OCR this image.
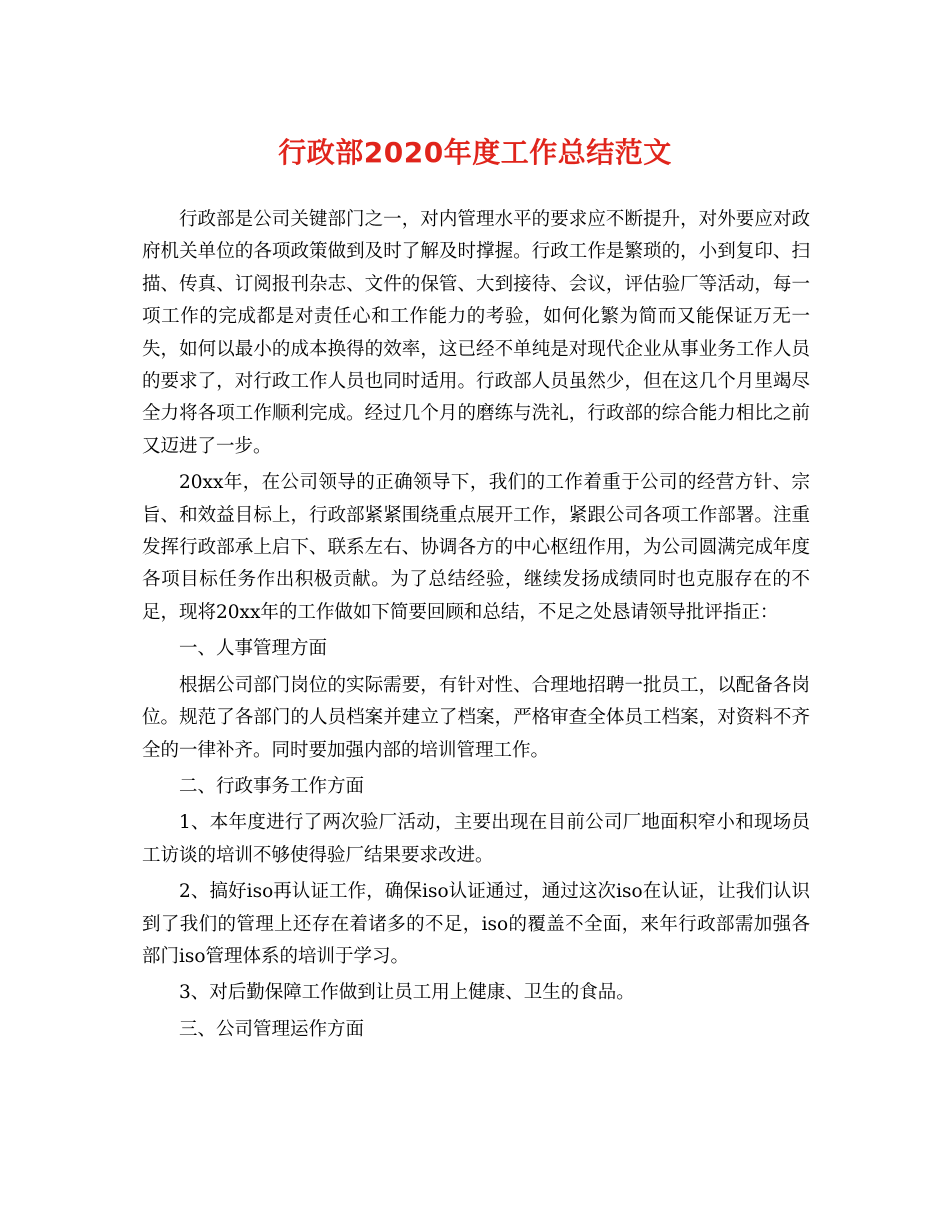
行政部2020年度工作总结范文

行政部是公司关键部门之一，对内管理水平的要求应不断提升，对外要应对政府机关单位的各项政策做到及时了解及时撑握。行政工作是繁琐的，小到复印、扫描、传真、订阅报刊杂志、文件的保管、大到接待、会议，评估验厂等活动，每一项工作的完成都是对责任心和工作能力的考验，如何化繁为简而又能保证万无一失，如何以最小的成本换得的效率，这已经不单纯是对现代企业从事业务工作人员的要求了，对行政工作人员也同时适用。行政部人员虽然少，但在这几个月里竭尽全力将各项工作顺利完成。经过几个月的磨练与洗礼，行政部的综合能力相比之前又迈进了一步。

20xx年，在公司领导的正确领导下，我们的工作着重于公司的经营方针、宗旨、和效益目标上，行政部紧紧围绕重点展开工作，紧跟公司各项工作部署。注重发挥行政部承上启下、联系左右、协调各方的中心枢纽作用，为公司圆满完成年度各项目标任务作出积极贡献。为了总结经验，继续发扬成绩同时也克服存在的不足，现将20xx年的工作做如下简要回顾和总结，不足之处恳请领导批评指正：

一、人事管理方面

根据公司部门岗位的实际需要，有针对性、合理地招聘一批员工，以配备各岗位。规范了各部门的人员档案并建立了档案，严格审查全体员工档案，对资料不齐全的一律补齐。同时要加强内部的培训管理工作。

二、行政事务工作方面

1、本年度进行了两次验厂活动，主要出现在目前公司厂地面积窄小和现场员工访谈的培训不够使得验厂结果要求改进。

2、搞好iso再认证工作，确保iso认证通过，通过这次iso在认证，让我们认识到了我们的管理上还存在着诸多的不足，iso的覆盖不全面，来年行政部需加强各部门iso管理体系的培训于学习。

3、对后勤保障工作做到让员工用上健康、卫生的食品。

三、公司管理运作方面
